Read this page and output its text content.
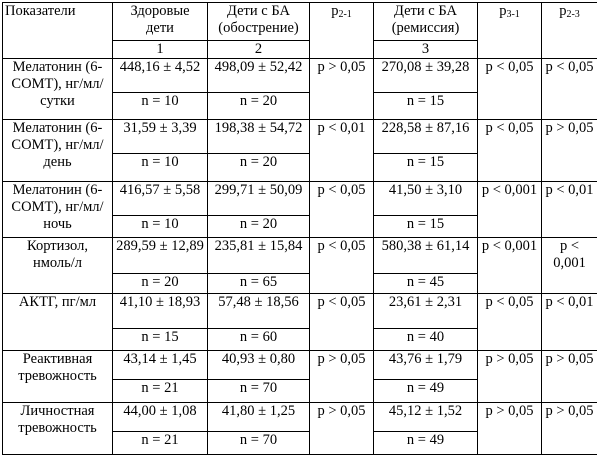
Показатели	Здоровые дети	Дети с БА (обострение)	$p_{2-1}$	Дети с БА (ремиссия)	$p_{3-1}$	$p_{2-3}$
	1	2		3		
Мелатонин (6-COMT), нг/мл/сутки	448,16 ± 4,52	498,09 ± 52,42	p > 0,05	270,08 ± 39,28	p < 0,05	p < 0,05
	n = 10	n = 20		n = 15		
Мелатонин (6-COMT), нг/мл/день	31,59 ± 3,39	198,38 ± 54,72	p < 0,01	228,58 ± 87,16	p < 0,05	p > 0,05
	n = 10	n = 20		n = 15		
Мелатонин (6-COMT), нг/мл/ночь	416,57 ± 5,58	299,71 ± 50,09	p < 0,05	41,50 ± 3,10	p < 0,001	p < 0,01
	n = 10	n = 20		n = 15		
Кортизол, нмоль/л	289,59 ± 12,89	235,81 ± 15,84	p < 0,05	580,38 ± 61,14	p < 0,001	p < 0,001
	n = 20	n = 65		n = 45		
АКТГ, пг/мл	41,10 ± 18,93	57,48 ± 18,56	p < 0,05	23,61 ± 2,31	p < 0,05	p < 0,01
	n = 15	n = 60		n = 40		
Реактивная тревожность	43,14 ± 1,45	40,93 ± 0,80	p > 0,05	43,76 ± 1,79	p > 0,05	p > 0,05
	n = 21	n = 70		n = 49		
Личностная тревожность	44,00 ± 1,08	41,80 ± 1,25	p > 0,05	45,12 ± 1,52	p > 0,05	p > 0,05
	n = 21	n = 70		n = 49		
